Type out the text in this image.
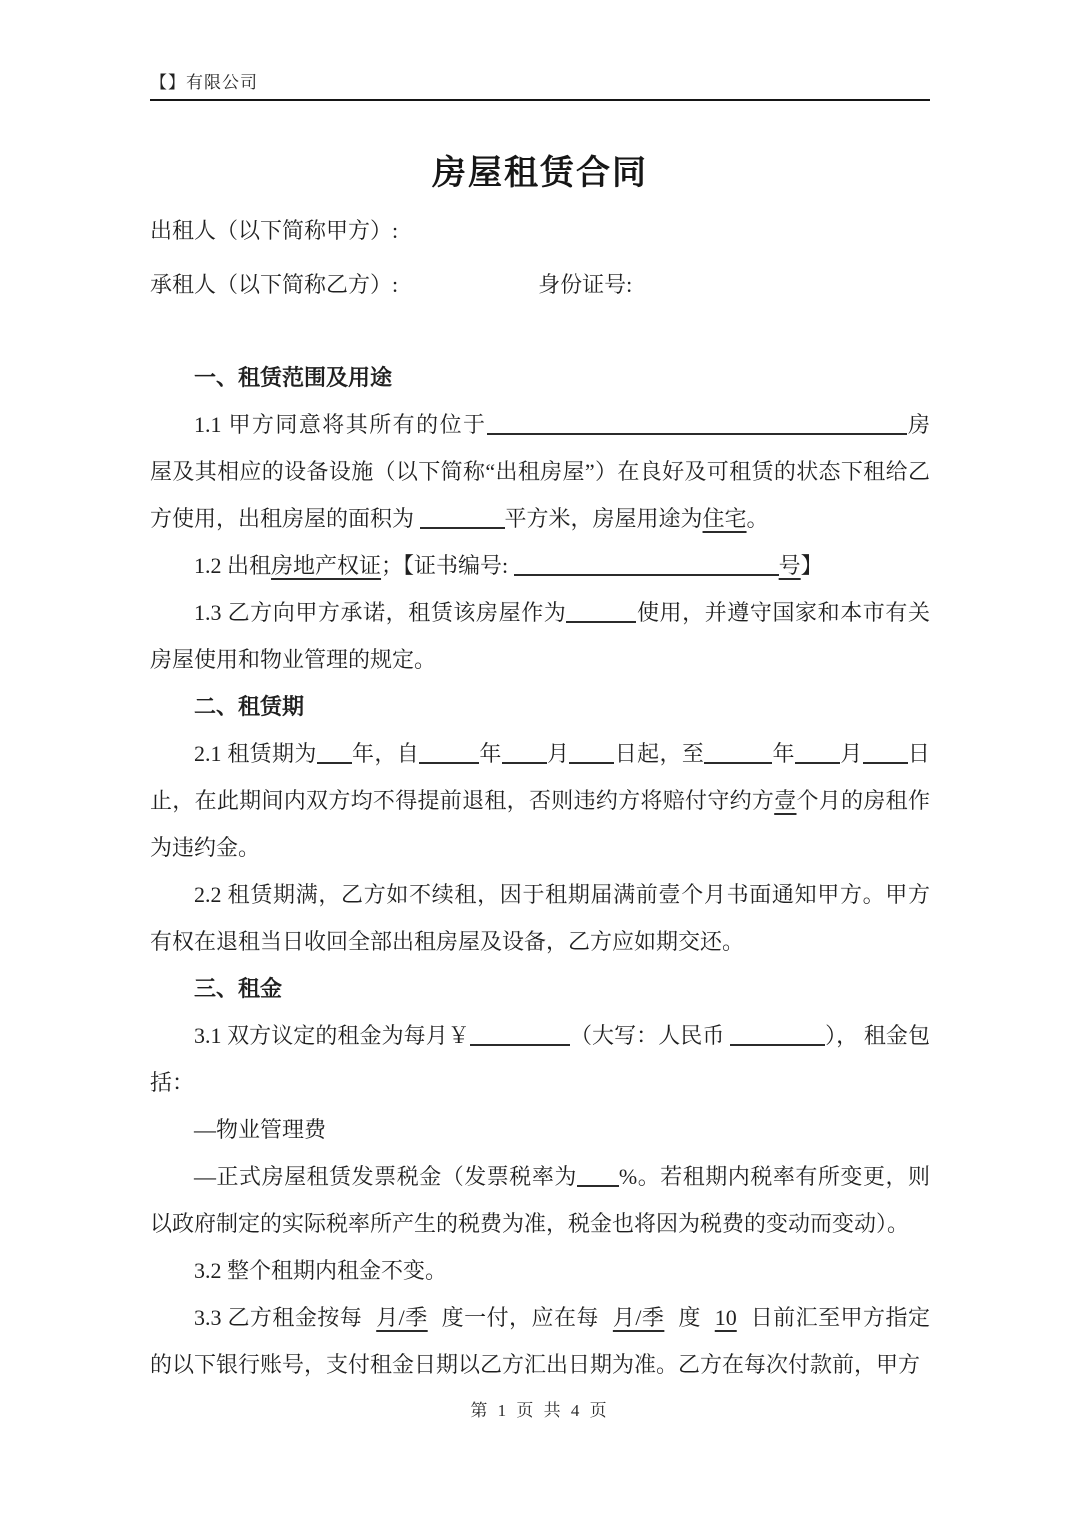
【】有限公司
房屋租赁合同

出租人（以下简称甲方）:

承租人（以下简称乙方）:	身份证号:

一、租赁范围及用途

1.1 甲方同意将其所有的位于	房屋及其相应的设备设施（以下简称“出租房屋”）在良好及可租赁的状态下租给乙方使用，出租房屋的面积为	平方米，房屋用途为住宅。

1.2 出租房地产权证；【证书编号:	号】

1.3 乙方向甲方承诺，租赁该房屋作为	使用，并遵守国家和本市有关房屋使用和物业管理的规定。

二、租赁期

2.1 租赁期为 年，自	年 月 日起，至	年 月 日止，在此期间内双方均不得提前退租，否则违约方将赔付守约方壹个月的房租作为违约金。

2.2 租赁期满，乙方如不续租，因于租期届满前壹个月书面通知甲方。甲方有权在退租当日收回全部出租房屋及设备，乙方应如期交还。

三、租金

3.1 双方议定的租金为每月￥	（大写：人民币	）， 租金包括：

—物业管理费

—正式房屋租赁发票税金（发票税率为 %。若租期内税率有所变更，则以政府制定的实际税率所产生的税费为准，税金也将因为税费的变动而变动）。

3.2 整个租期内租金不变。

3.3 乙方租金按每 月/季 度一付，应在每 月/季 度 10 日前汇至甲方指定的以下银行账号，支付租金日期以乙方汇出日期为准。乙方在每次付款前，甲方

第 1 页 共 4 页
